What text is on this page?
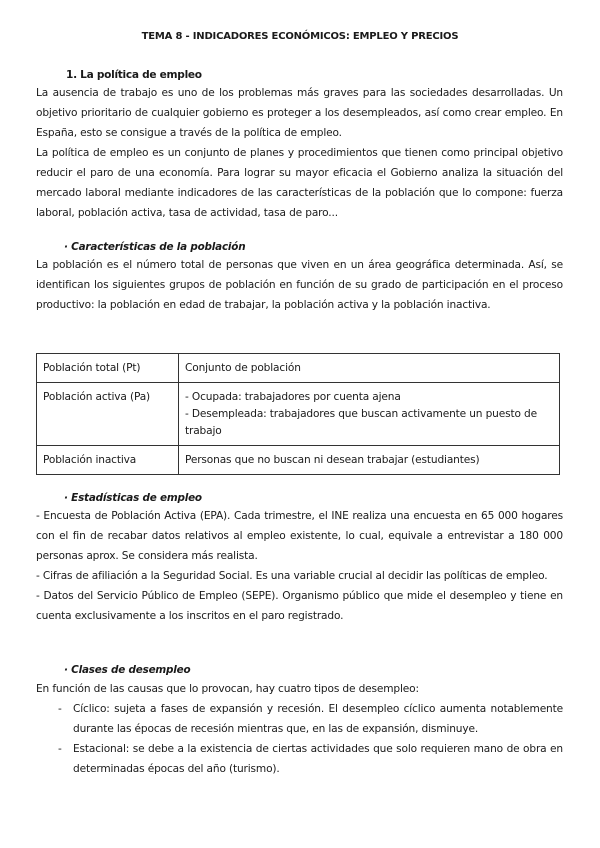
TEMA 8 - INDICADORES ECONÓMICOS: EMPLEO Y PRECIOS
1. La política de empleo

La ausencia de trabajo es uno de los problemas más graves para las sociedades desarrolladas. Un objetivo prioritario de cualquier gobierno es proteger a los desempleados, así como crear empleo. En España, esto se consigue a través de la política de empleo.

La política de empleo es un conjunto de planes y procedimientos que tienen como principal objetivo reducir el paro de una economía. Para lograr su mayor eficacia el Gobierno analiza la situación del mercado laboral mediante indicadores de las características de la población que lo compone: fuerza laboral, población activa, tasa de actividad, tasa de paro...

· Características de la población

La población es el número total de personas que viven en un área geográfica determinada. Así, se identifican los siguientes grupos de población en función de su grado de participación en el proceso productivo: la población en edad de trabajar, la población activa y la población inactiva.

Población total (Pt)	Conjunto de población

Población activa (Pa)	- Ocupada: trabajadores por cuenta ajena
- Desempleada: trabajadores que buscan activamente un puesto de trabajo

Población inactiva	Personas que no buscan ni desean trabajar (estudiantes)
· Estadísticas de empleo

- Encuesta de Población Activa (EPA). Cada trimestre, el INE realiza una encuesta en 65 000 hogares con el fin de recabar datos relativos al empleo existente, lo cual, equivale a entrevistar a 180 000 personas aprox. Se considera más realista.

- Cifras de afiliación a la Seguridad Social. Es una variable crucial al decidir las políticas de empleo.

- Datos del Servicio Público de Empleo (SEPE). Organismo público que mide el desempleo y tiene en cuenta exclusivamente a los inscritos en el paro registrado.

· Clases de desempleo

En función de las causas que lo provocan, hay cuatro tipos de desempleo:

- Cíclico: sujeta a fases de expansión y recesión. El desempleo cíclico aumenta notablemente durante las épocas de recesión mientras que, en las de expansión, disminuye.
- Estacional: se debe a la existencia de ciertas actividades que solo requieren mano de obra en determinadas épocas del año (turismo).
